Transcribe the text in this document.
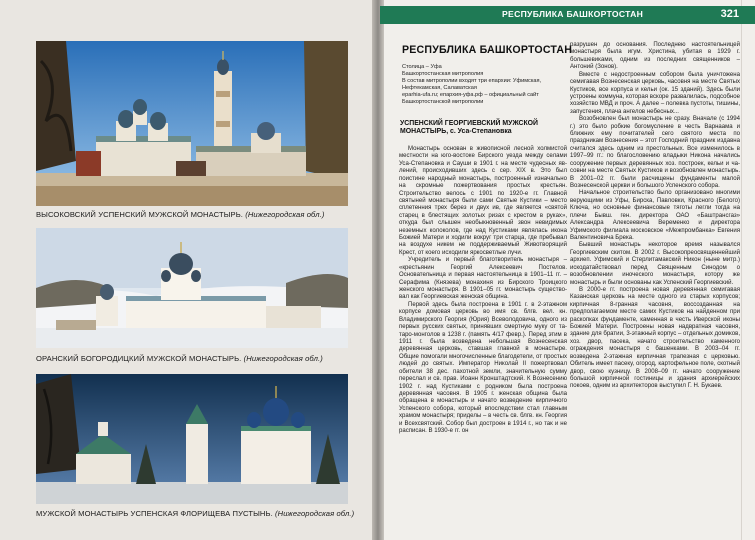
ВЫСОКОВСКИЙ УСПЕНСКИЙ МУЖСКОЙ МОНАСТЫРЬ. (Нижегородская обл.)
ОРАНСКИЙ БОГОРОДИЦКИЙ МУЖСКОЙ МОНАСТЫРЬ. (Нижегородская обл.)
МУЖСКОЙ МОНАСТЫРЬ УСПЕНСКАЯ ФЛОРИЩЕВА ПУСТЫНЬ. (Нижегородская обл.)
РЕСПУБЛИКА БАШКОРТОСТАН	321
РЕСПУБЛИКА БАШКОРТОСТАН
Столица – Уфа
Башкортостанская митрополия
В состав митрополии входят три епархии: Уфимская,
Нефтекамская, Салаватская
eparhia-ufa.ru; епархия-уфа.рф – официальный сайт
Башкортостанской митрополии
УСПЕНСКИЙ ГЕОРГИЕВСКИЙ МУЖСКОЙ МОНАСТЫРЬ, с. Уса-Степановка

Монастырь основан в живописной лесной холмистой местности на юго-востоке Бирского уезда между селами Уса-Степановка и Сауши в 1901 г. на месте чудесных явлений, происходивших здесь с сер. XIX в. Это был поистине народный монастырь, построенный изначально на скромные пожертвования простых крестьян. Строительство велось с 1901 по 1920-е гг. Главной святыней монастыря были сами Святые Кустики – место сплетенния трех берез и двух ив, где является «святой старец в блестящих золотых ризах с крестом в руках», откуда был слышен необыкновенный звон невидимых неземных колоколов, где над Кустиками являлась икона Божией Матери и ходили вокруг три старца, где пребывал на воздухе никем не поддерживаемый Животворящий Крест, от коего исходили яркосветлые лучи.

Учредитель и первый благотворитель монастыря – «крестьянин Георгий Алексеевич Постелов. Основательница и первая настоятельница в 1901–11 гг. – Серафима (Князева) монахиня из Бирского Троицкого женского монастыря. В 1901–05 гг. монастырь существовал как Георгиевская женская община.

Первой здесь была построена в 1901 г. в 2-этажном корпусе домовая церковь во имя св. блгв. вел. кн. Владимирского Георгия (Юрия) Всеволодовича, одного из первых русских святых, принявших смертную муку от татаро-монголов в 1238 г. (память 4/17 февр.). Перед этим в 1911 г. была возведена небольшая Вознесенская деревянная церковь, ставшая главной в монастыре. Общие помогали многочисленные благодетели, от простых людей до святых. Император Николай II пожертвовал обители 38 дес. пахотной земли, значительную сумму переслал и св. прав. Иоанн Кронштадтский. К Вознесению 1902 г. над Кустиками с родником была построена деревянная часовня. В 1905 г. женская община была обращена в монастырь и начато возведение кирпичного Успенского собора, который впоследствии стал главным храмом монастыря; приделы – в честь св. блгв. кн. Георгия и Всехсвятский. Собор был достроен в 1914 г., но так и не расписан. В 1930-е гг. он

разрушен до основания. Последнею настоятельницей монастыря была игум. Христина, убитая в 1929 г. большевиками, одним из последних священников – Антоний (Зонов).

Вместе с недостроенным собором была уничтожена семигавая Вознесенская церковь, часовня на месте Святых Кустиков, все корпуса и кельи (ок. 15 зданий). Здесь были устроены коммуна, которая вскоре развалилась, подсобное хозяйство МВД и проч. А далее – полевка пустоты, тишины, запустения, плача ангелов небесных...

Возобновлен был монастырь не сразу. Вначале (с 1994 г.) это было робкие богомусление в честь Варнаама и ближних ему почитателей сего святого места по праздникам Вознесения – этот Господний праздник издавна считался здесь одним из престольных. Все изменилось в 1997–99 гг.: по благословению владыки Никона начались сооружение первых деревянных хоз. построек, кельи и часовни на месте Святых Кустиков и возобновлен монастырь. В 2001–02 гг. были расчищены фундаменты малой Вознесенской церкви и большого Успенского собора.

Начальное строительство было организовано многими верующими из Уфы, Бирска, Павловки, Красного (Белого) Ключа, но основные финансовые тяготы легли тогда на плечи Бывш. ген. директора ОАО «Баштрансгаз» Александра Алексеевича Веременко и директора Уфимского филиала московское «Межпромбанка» Евгения Валентиновича Брека.

Бывший монастырь некоторое время назывался Георгиевским скитом. В 2002 г. Высокопреосвященнейший архиеп. Уфимский и Стерлитамакский Никон (ныне митр.) искодатайствовал перед Священным Синодом о возобновлении иноческого монастыря, котору же монастырь и были основаны как Успенский Георгиевский.

В 2000-е гг. построена новая деревянная семигавая Казанская церковь на месте одного из старых корпусов; кирпичная 8-гранная часовня, воссозданная на предполагаемом месте самих Кустиков на найденном при раскопках фундаменте, каменная в честь Иверской иконы Божией Матери. Построены новая надвратная часовня, здание для братии, 3-этажный корпус – отдельных домиков, хоз. двор, пасека, начато строительство каменного ограждения монастыря с башенками. В 2003–04 гг. возведена 2-этажная кирпичная трапезная с церковью. Обитель имеет пасеку, огород, картофельное поле, скотный двор, свою кузницу. В 2008–09 гг. начато сооружение большой кирпичной гостиницы и здания архиерейских покоев, одним из архитекторов выступил Г. Н. Букаев.
